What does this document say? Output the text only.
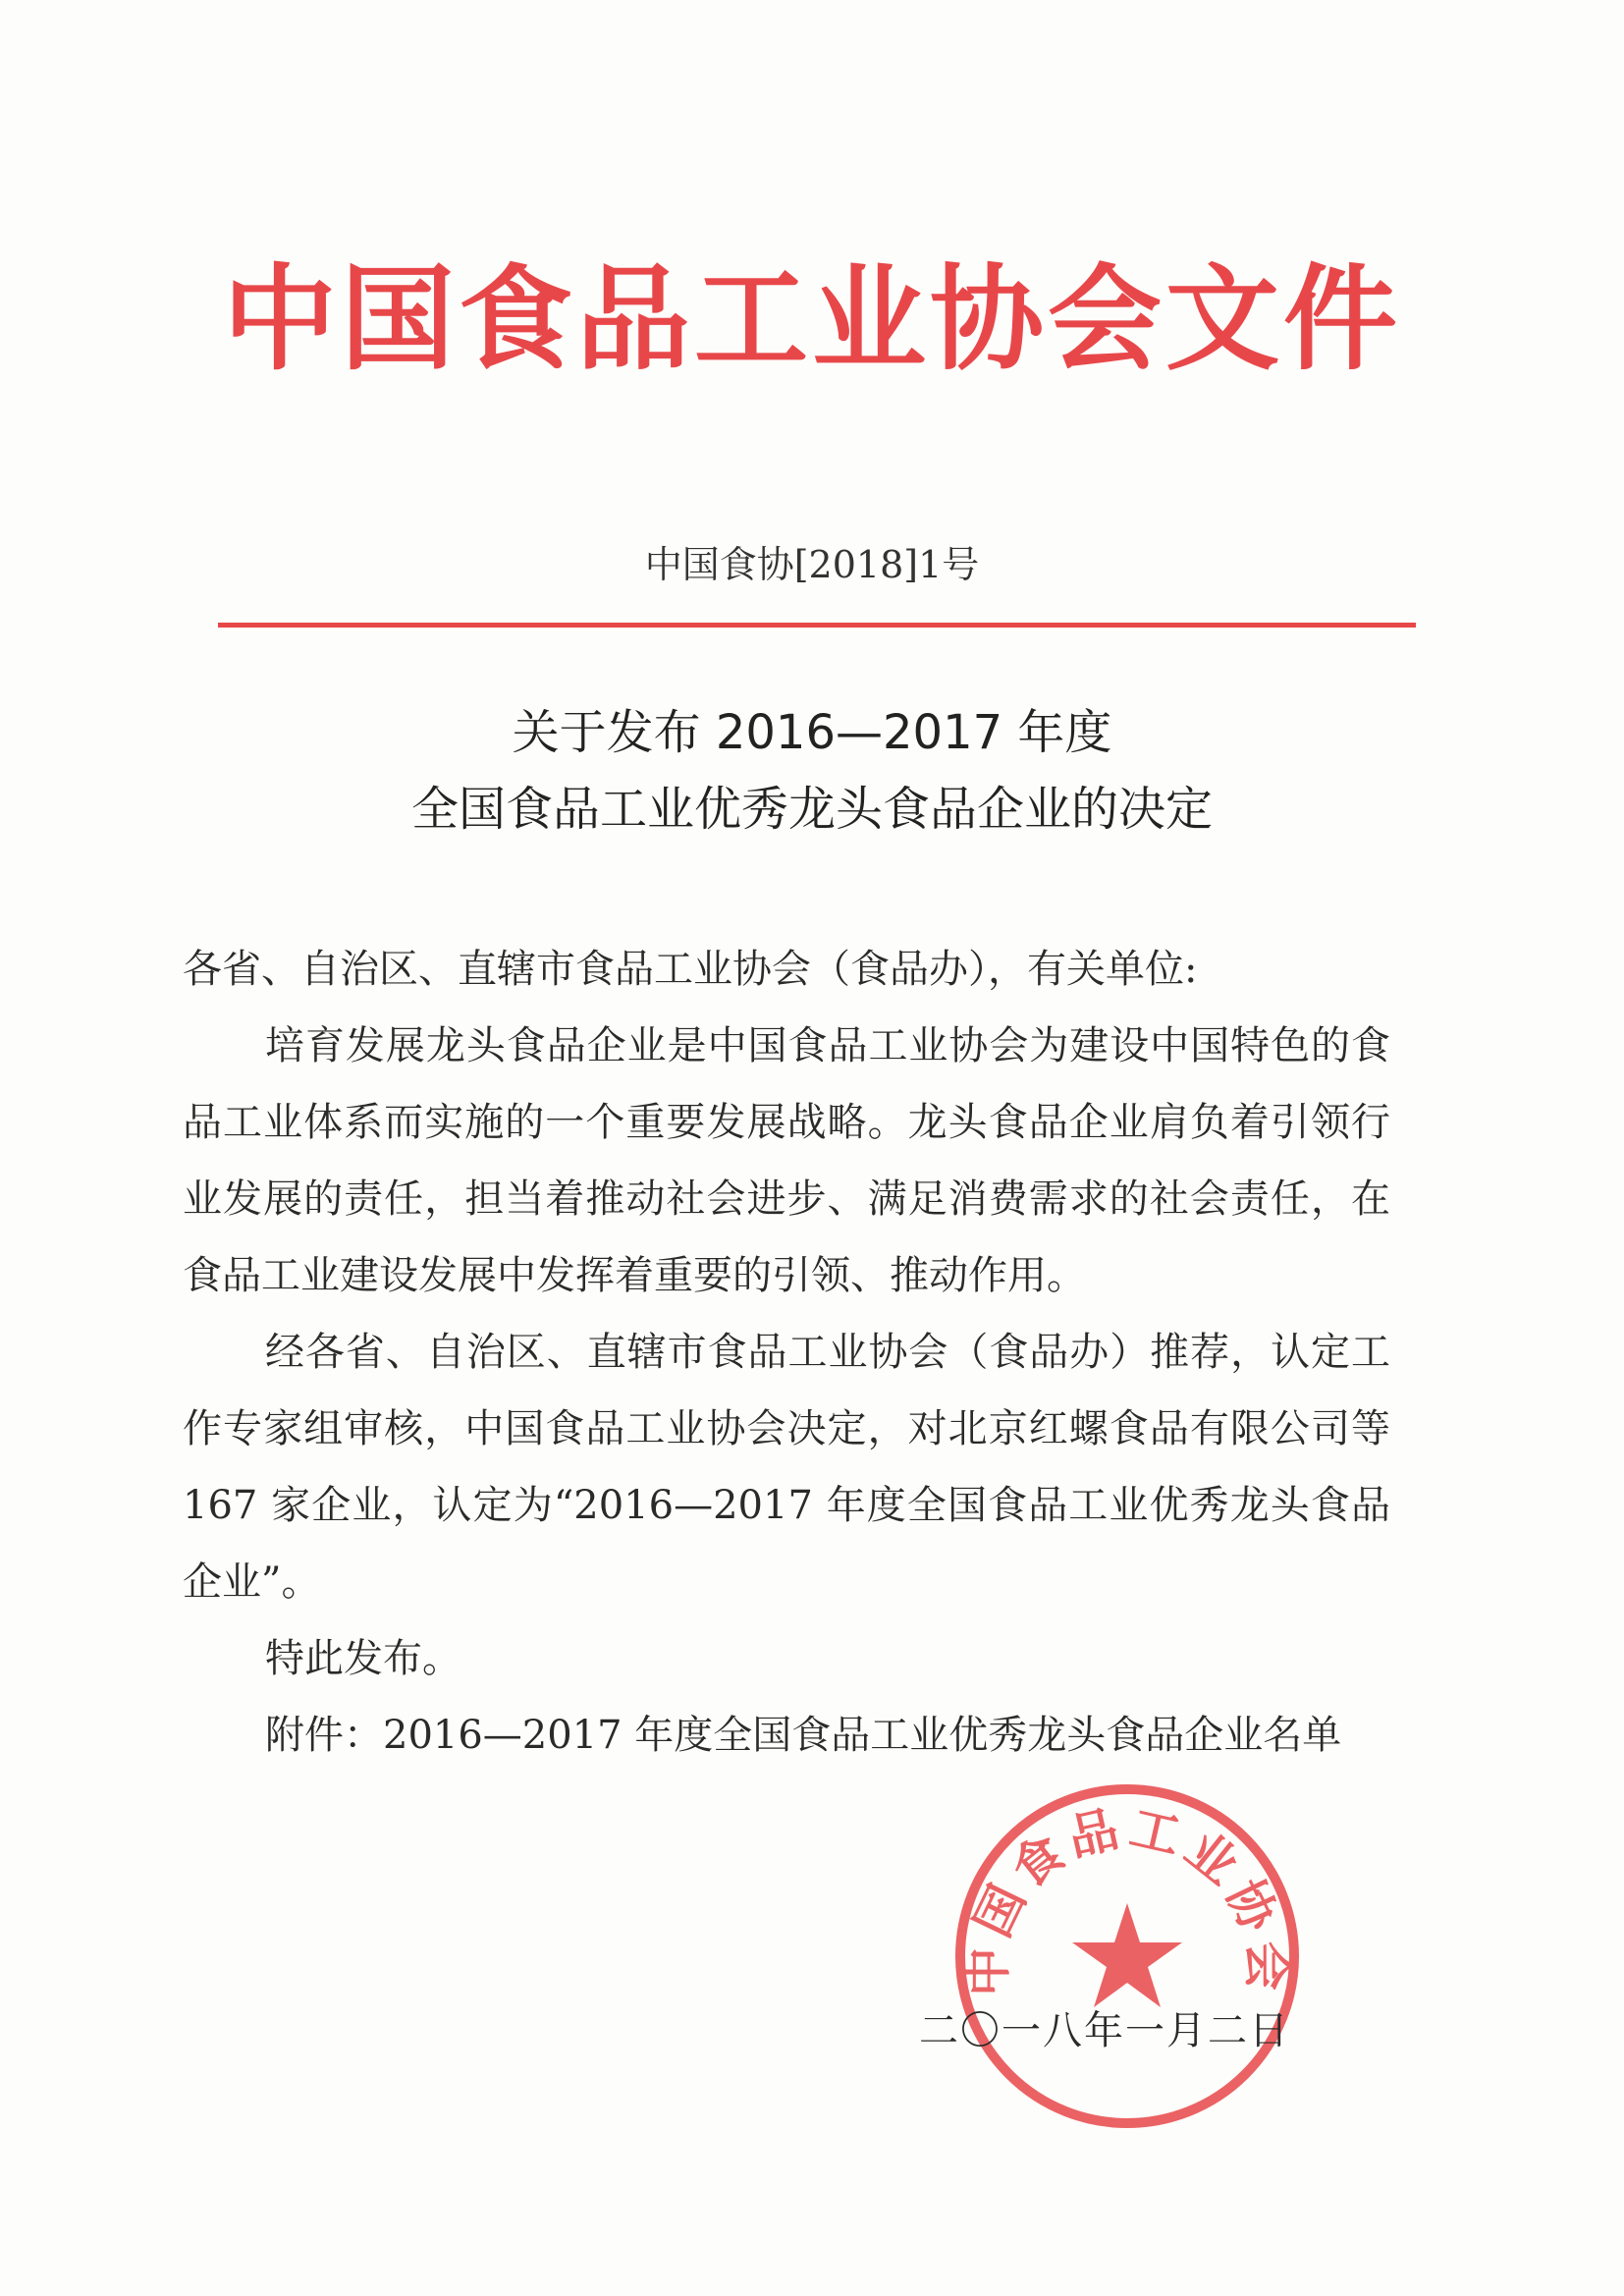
中国食品工业协会文件
中国食协[2018]1号
关于发布 2016—2017 年度
全国食品工业优秀龙头食品企业的决定
各省、自治区、直辖市食品工业协会（食品办），有关单位:
培育发展龙头食品企业是中国食品工业协会为建设中国特色的食品工业体系而实施的一个重要发展战略。龙头食品企业肩负着引领行业发展的责任，担当着推动社会进步、满足消费需求的社会责任，在食品工业建设发展中发挥着重要的引领、推动作用。
经各省、自治区、直辖市食品工业协会（食品办）推荐，认定工作专家组审核，中国食品工业协会决定，对北京红螺食品有限公司等 167 家企业，认定为“2016—2017 年度全国食品工业优秀龙头食品企业”。
特此发布。
附件：2016—2017 年度全国食品工业优秀龙头食品企业名单
中国食品工业协会
二〇一八年一月二日
